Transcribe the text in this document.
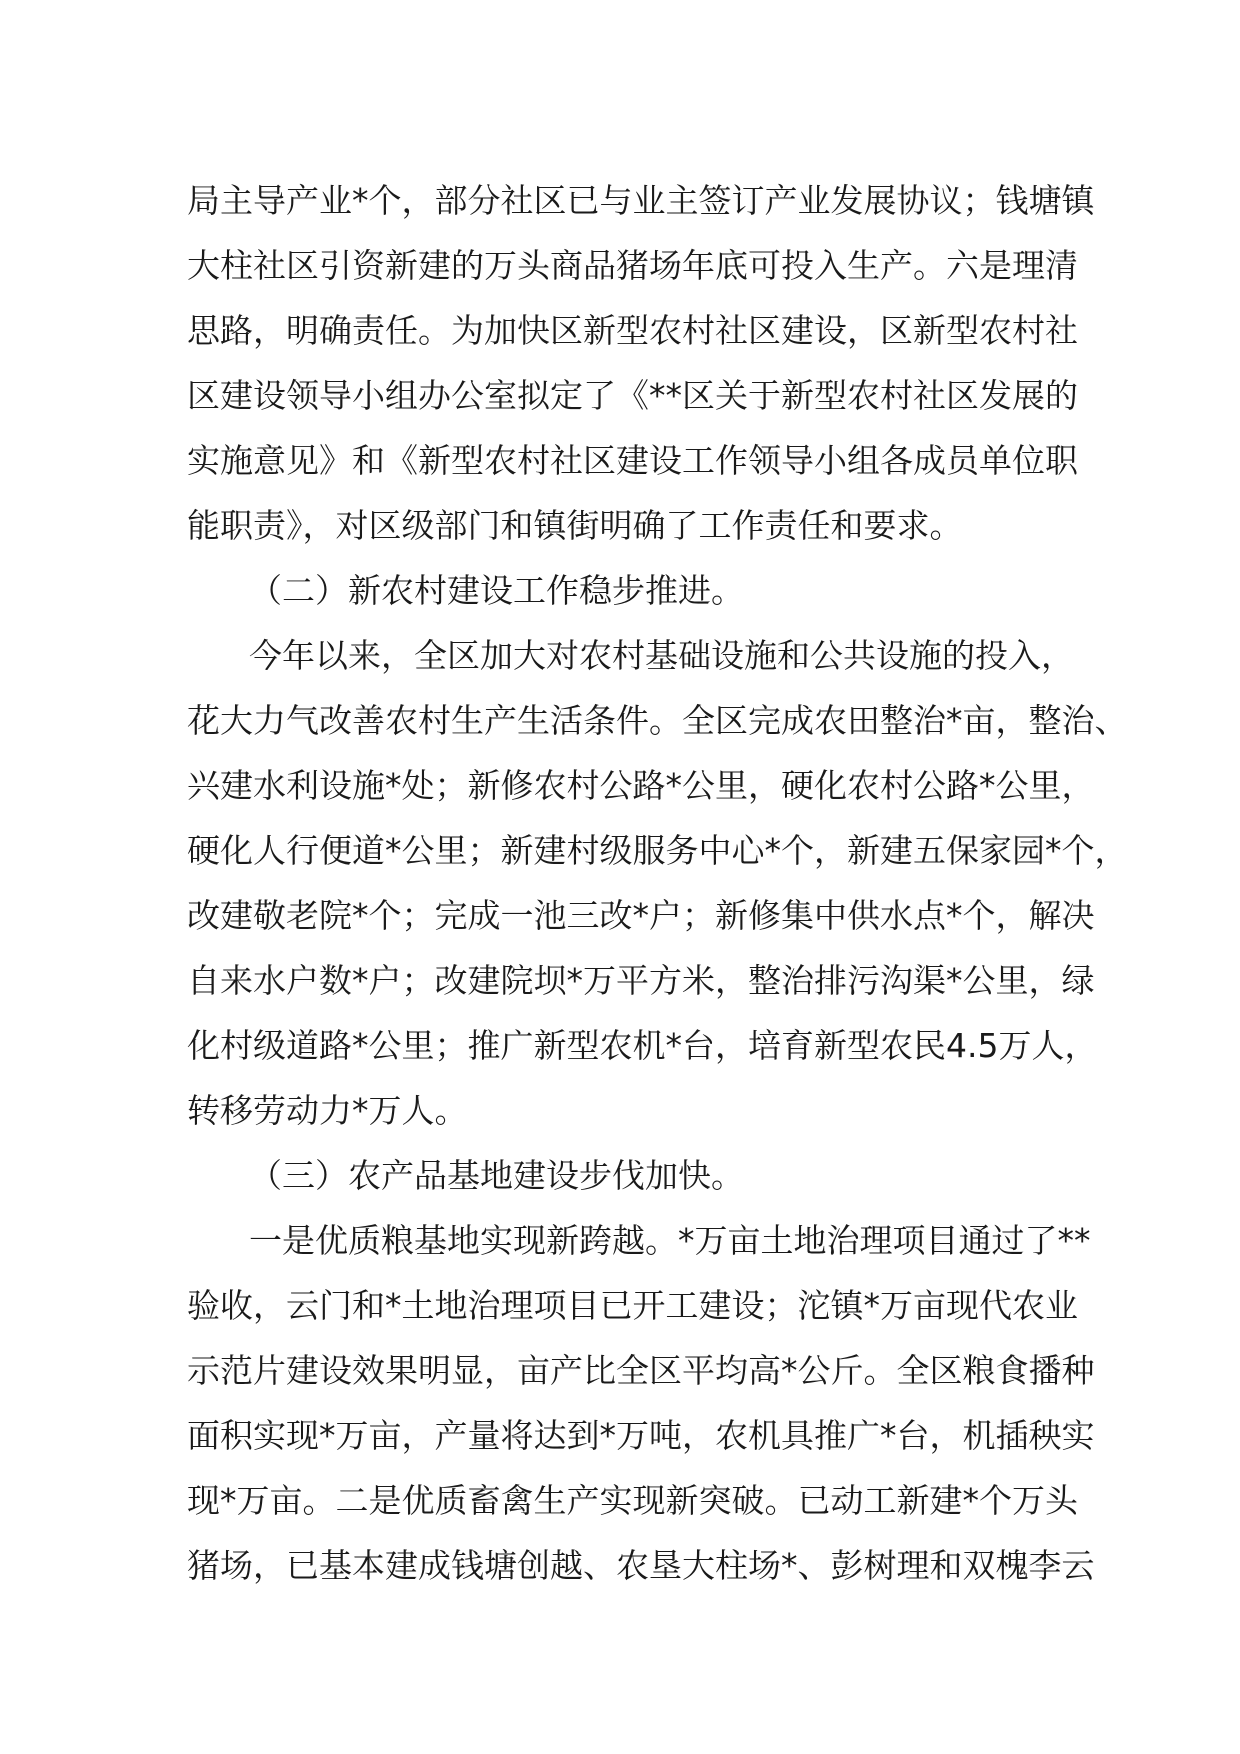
局主导产业*个，部分社区已与业主签订产业发展协议；钱塘镇
大柱社区引资新建的万头商品猪场年底可投入生产。六是理清
思路，明确责任。为加快区新型农村社区建设，区新型农村社
区建设领导小组办公室拟定了《**区关于新型农村社区发展的
实施意见》和《新型农村社区建设工作领导小组各成员单位职
能职责》，对区级部门和镇街明确了工作责任和要求。
（二）新农村建设工作稳步推进。
今年以来，全区加大对农村基础设施和公共设施的投入，
花大力气改善农村生产生活条件。全区完成农田整治*亩，整治、
兴建水利设施*处；新修农村公路*公里，硬化农村公路*公里，
硬化人行便道*公里；新建村级服务中心*个，新建五保家园*个，
改建敬老院*个；完成一池三改*户；新修集中供水点*个，解决
自来水户数*户；改建院坝*万平方米，整治排污沟渠*公里，绿
化村级道路*公里；推广新型农机*台，培育新型农民4.5万人，
转移劳动力*万人。
（三）农产品基地建设步伐加快。
一是优质粮基地实现新跨越。*万亩土地治理项目通过了**
验收，云门和*土地治理项目已开工建设；沱镇*万亩现代农业
示范片建设效果明显，亩产比全区平均高*公斤。全区粮食播种
面积实现*万亩，产量将达到*万吨，农机具推广*台，机插秧实
现*万亩。二是优质畜禽生产实现新突破。已动工新建*个万头
猪场，已基本建成钱塘创越、农垦大柱场*、彭树理和双槐李云
